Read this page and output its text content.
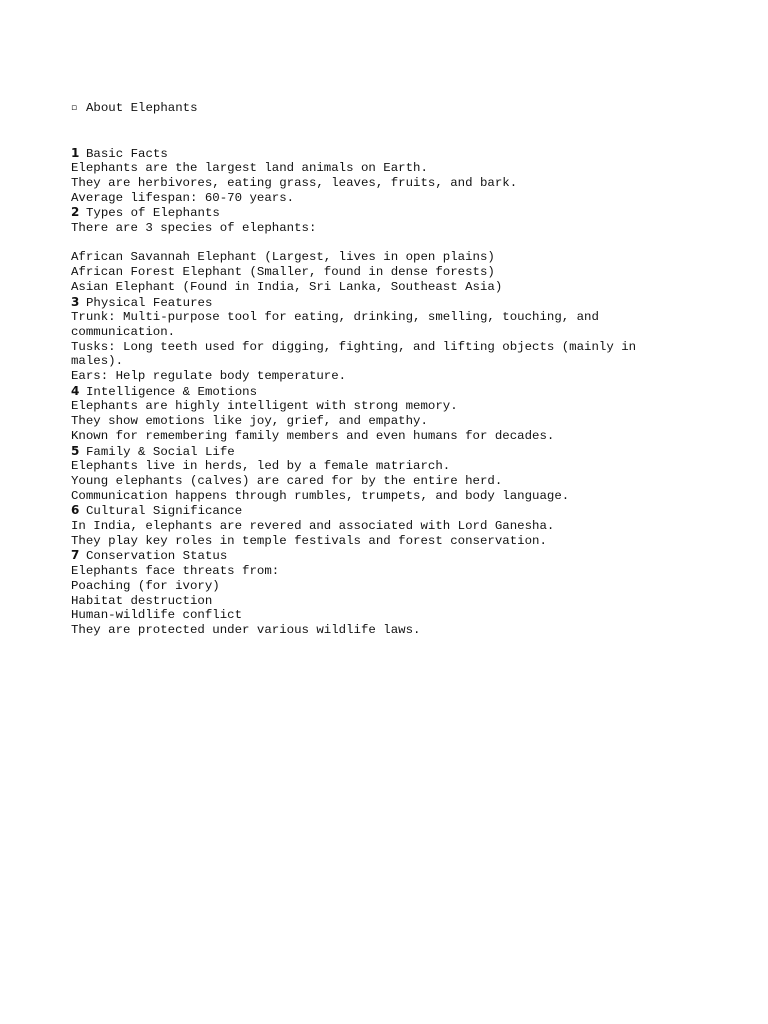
▫ About Elephants

1 Basic Facts
Elephants are the largest land animals on Earth.
They are herbivores, eating grass, leaves, fruits, and bark.
Average lifespan: 60-70 years.
2 Types of Elephants
There are 3 species of elephants:
African Savannah Elephant (Largest, lives in open plains)
African Forest Elephant (Smaller, found in dense forests)
Asian Elephant (Found in India, Sri Lanka, Southeast Asia)
3 Physical Features
Trunk: Multi-purpose tool for eating, drinking, smelling, touching, and
communication.
Tusks: Long teeth used for digging, fighting, and lifting objects (mainly in
males).
Ears: Help regulate body temperature.
4 Intelligence & Emotions
Elephants are highly intelligent with strong memory.
They show emotions like joy, grief, and empathy.
Known for remembering family members and even humans for decades.
5 Family & Social Life
Elephants live in herds, led by a female matriarch.
Young elephants (calves) are cared for by the entire herd.
Communication happens through rumbles, trumpets, and body language.
6 Cultural Significance
In India, elephants are revered and associated with Lord Ganesha.
They play key roles in temple festivals and forest conservation.
7 Conservation Status
Elephants face threats from:
Poaching (for ivory)
Habitat destruction
Human-wildlife conflict
They are protected under various wildlife laws.
